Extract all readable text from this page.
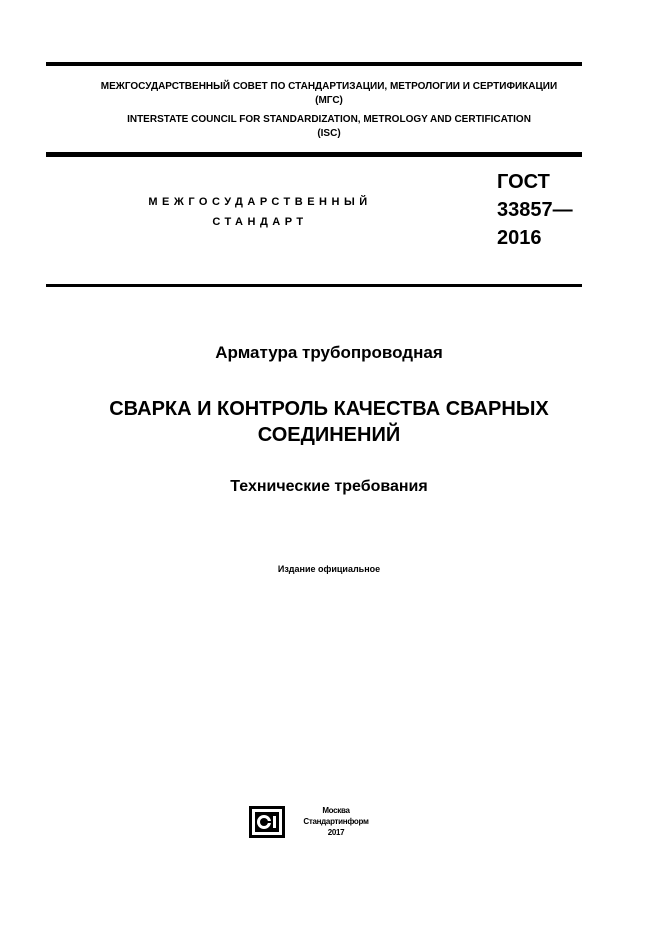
МЕЖГОСУДАРСТВЕННЫЙ СОВЕТ ПО СТАНДАРТИЗАЦИИ, МЕТРОЛОГИИ И СЕРТИФИКАЦИИ
(МГС)
INTERSTATE COUNCIL FOR STANDARDIZATION, METROLOGY AND CERTIFICATION
(ISC)
МЕЖГОСУДАРСТВЕННЫЙ
СТАНДАРТ
ГОСТ
33857—
2016
Арматура трубопроводная
СВАРКА И КОНТРОЛЬ КАЧЕСТВА СВАРНЫХ
СОЕДИНЕНИЙ
Технические требования
Издание официальное
Москва
Стандартинформ
2017
